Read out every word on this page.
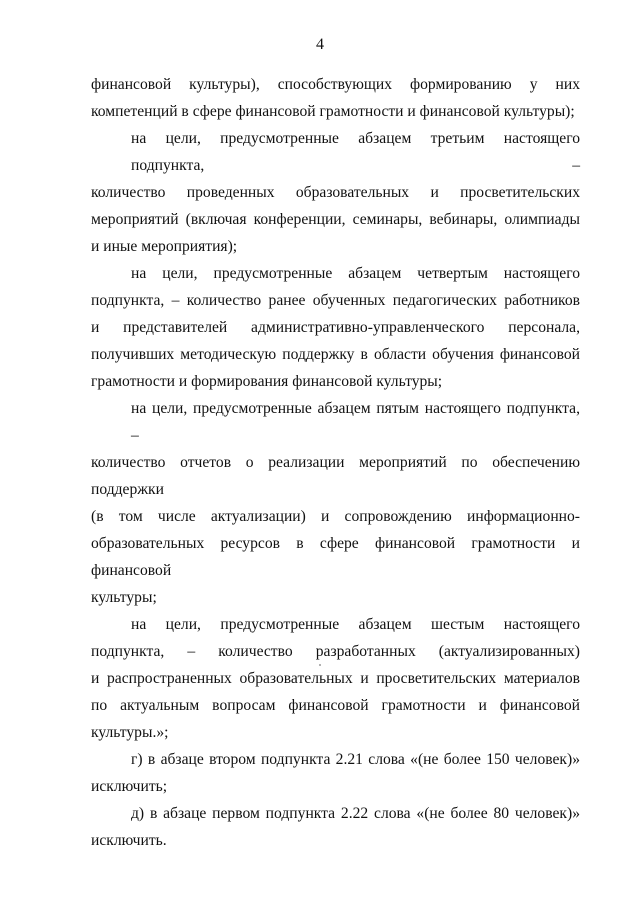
4

финансовой культуры), способствующих формированию у них
компетенций в сфере финансовой грамотности и финансовой культуры);

на цели, предусмотренные абзацем третьим настоящего подпункта, –
количество проведенных образовательных и просветительских
мероприятий (включая конференции, семинары, вебинары, олимпиады
и иные мероприятия);

на цели, предусмотренные абзацем четвертым настоящего
подпункта, – количество ранее обученных педагогических работников
и представителей административно-управленческого персонала,
получивших методическую поддержку в области обучения финансовой
грамотности и формирования финансовой культуры;

на цели, предусмотренные абзацем пятым настоящего подпункта, –
количество отчетов о реализации мероприятий по обеспечению поддержки
(в том числе актуализации) и сопровождению информационно-
образовательных ресурсов в сфере финансовой грамотности и финансовой
культуры;

на цели, предусмотренные абзацем шестым настоящего
подпункта, – количество разработанных (актуализированных)
и распространенных образовательных и просветительских материалов
по актуальным вопросам финансовой грамотности и финансовой
культуры.»;

г) в абзаце втором подпункта 2.21 слова «(не более 150 человек)»
исключить;

д) в абзаце первом подпункта 2.22 слова «(не более 80 человек)»
исключить.
